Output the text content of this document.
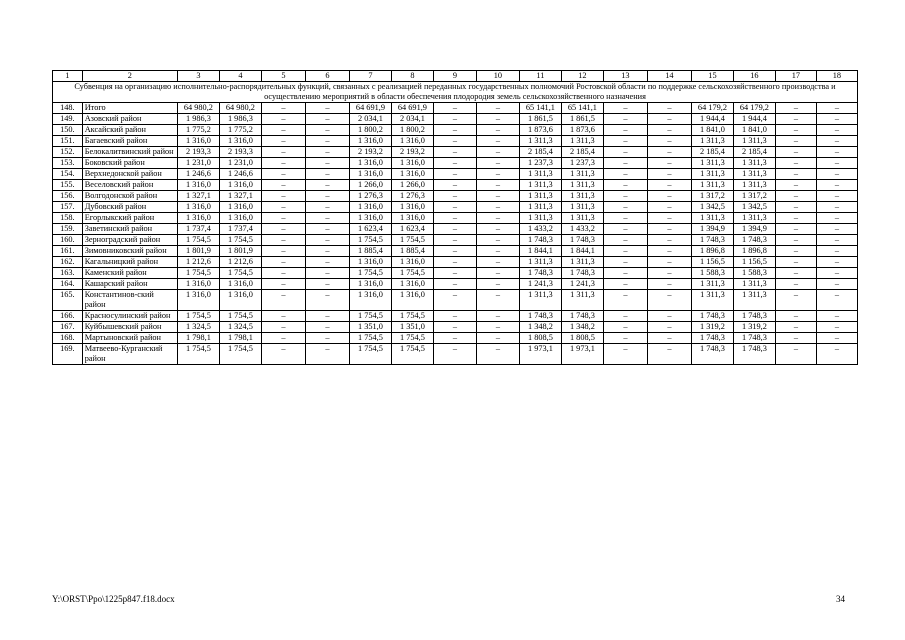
1	2	3	4	5	6	7	8	9	10	11	12	13	14	15	16	17	18
Субвенция на организацию исполнительно-распорядительных функций, связанных с реализацией переданных государственных полномочий Ростовской области по поддержке сельскохозяйственного производства и осуществлению мероприятий в области обеспечения плодородия земель сельскохозяйственного назначения																	
148.	Итого	64 980,2	64 980,2	–	–	64 691,9	64 691,9	–	–	65 141,1	65 141,1	–	–	64 179,2	64 179,2	–	–
149.	Азовский район	1 986,3	1 986,3	–	–	2 034,1	2 034,1	–	–	1 861,5	1 861,5	–	–	1 944,4	1 944,4	–	–
150.	Аксайский район	1 775,2	1 775,2	–	–	1 800,2	1 800,2	–	–	1 873,6	1 873,6	–	–	1 841,0	1 841,0	–	–
151.	Багаевский район	1 316,0	1 316,0	–	–	1 316,0	1 316,0	–	–	1 311,3	1 311,3	–	–	1 311,3	1 311,3	–	–
152.	Белокалитвинский район	2 193,3	2 193,3	–	–	2 193,2	2 193,2	–	–	2 185,4	2 185,4	–	–	2 185,4	2 185,4	–	–
153.	Боковский район	1 231,0	1 231,0	–	–	1 316,0	1 316,0	–	–	1 237,3	1 237,3	–	–	1 311,3	1 311,3	–	–
154.	Верхнедонской район	1 246,6	1 246,6	–	–	1 316,0	1 316,0	–	–	1 311,3	1 311,3	–	–	1 311,3	1 311,3	–	–
155.	Веселовский район	1 316,0	1 316,0	–	–	1 266,0	1 266,0	–	–	1 311,3	1 311,3	–	–	1 311,3	1 311,3	–	–
156.	Волгодонской район	1 327,1	1 327,1	–	–	1 276,3	1 276,3	–	–	1 311,3	1 311,3	–	–	1 317,2	1 317,2	–	–
157.	Дубовский район	1 316,0	1 316,0	–	–	1 316,0	1 316,0	–	–	1 311,3	1 311,3	–	–	1 342,5	1 342,5	–	–
158.	Егорлыкский район	1 316,0	1 316,0	–	–	1 316,0	1 316,0	–	–	1 311,3	1 311,3	–	–	1 311,3	1 311,3	–	–
159.	Заветинский район	1 737,4	1 737,4	–	–	1 623,4	1 623,4	–	–	1 433,2	1 433,2	–	–	1 394,9	1 394,9	–	–
160.	Зерноградский район	1 754,5	1 754,5	–	–	1 754,5	1 754,5	–	–	1 748,3	1 748,3	–	–	1 748,3	1 748,3	–	–
161.	Зимовниковский район	1 801,9	1 801,9	–	–	1 885,4	1 885,4	–	–	1 844,1	1 844,1	–	–	1 896,8	1 896,8	–	–
162.	Кагальницкий район	1 212,6	1 212,6	–	–	1 316,0	1 316,0	–	–	1 311,3	1 311,3	–	–	1 156,5	1 156,5	–	–
163.	Каменский район	1 754,5	1 754,5	–	–	1 754,5	1 754,5	–	–	1 748,3	1 748,3	–	–	1 588,3	1 588,3	–	–
164.	Кашарский район	1 316,0	1 316,0	–	–	1 316,0	1 316,0	–	–	1 241,3	1 241,3	–	–	1 311,3	1 311,3	–	–
165.	Константинов-ский район	1 316,0	1 316,0	–	–	1 316,0	1 316,0	–	–	1 311,3	1 311,3	–	–	1 311,3	1 311,3	–	–
166.	Красносулинский район	1 754,5	1 754,5	–	–	1 754,5	1 754,5	–	–	1 748,3	1 748,3	–	–	1 748,3	1 748,3	–	–
167.	Куйбышевский район	1 324,5	1 324,5	–	–	1 351,0	1 351,0	–	–	1 348,2	1 348,2	–	–	1 319,2	1 319,2	–	–
168.	Мартыновский район	1 798,1	1 798,1	–	–	1 754,5	1 754,5	–	–	1 808,5	1 808,5	–	–	1 748,3	1 748,3	–	–
169.	Матвеево-Курганский район	1 754,5	1 754,5	–	–	1 754,5	1 754,5	–	–	1 973,1	1 973,1	–	–	1 748,3	1 748,3	–	–
Y:\ORST\Ppo\1225p847.f18.docx	34
